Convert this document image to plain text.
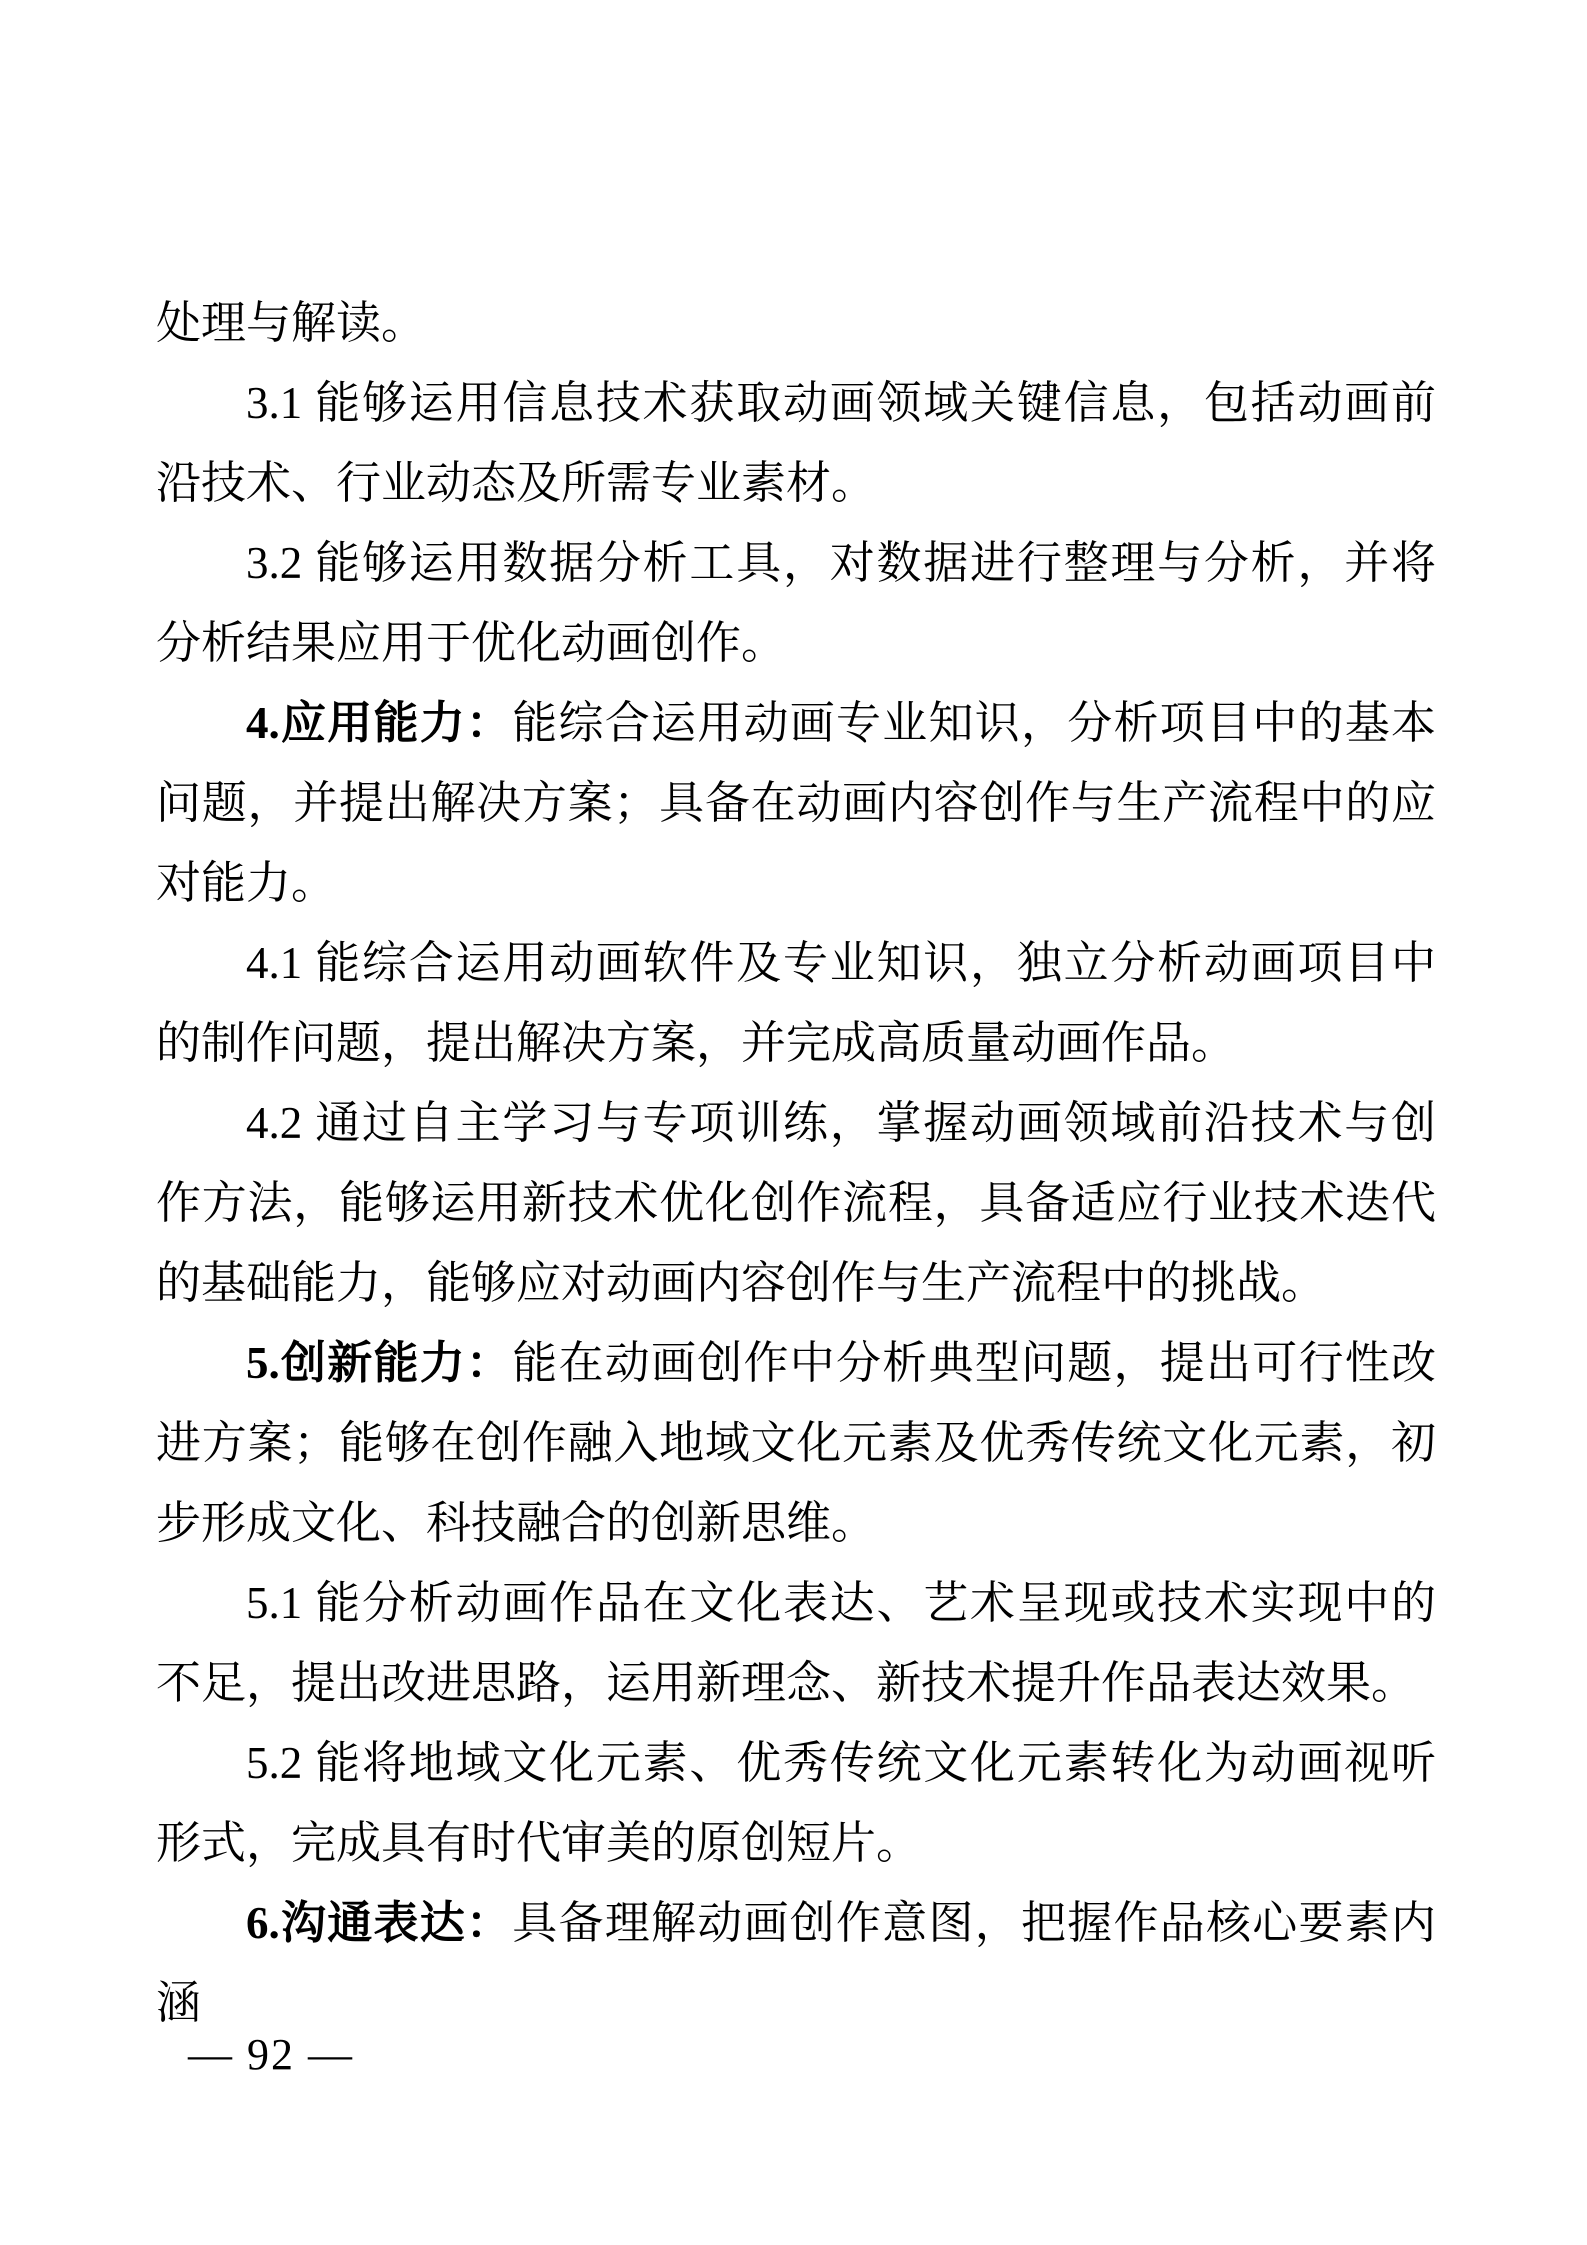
处理与解读。

3.1 能够运用信息技术获取动画领域关键信息，包括动画前沿技术、行业动态及所需专业素材。

3.2 能够运用数据分析工具，对数据进行整理与分析，并将分析结果应用于优化动画创作。

4.应用能力：能综合运用动画专业知识，分析项目中的基本问题，并提出解决方案；具备在动画内容创作与生产流程中的应对能力。

4.1 能综合运用动画软件及专业知识，独立分析动画项目中的制作问题，提出解决方案，并完成高质量动画作品。

4.2 通过自主学习与专项训练，掌握动画领域前沿技术与创作方法，能够运用新技术优化创作流程，具备适应行业技术迭代的基础能力，能够应对动画内容创作与生产流程中的挑战。

5.创新能力：能在动画创作中分析典型问题，提出可行性改进方案；能够在创作融入地域文化元素及优秀传统文化元素，初步形成文化、科技融合的创新思维。

5.1 能分析动画作品在文化表达、艺术呈现或技术实现中的不足，提出改进思路，运用新理念、新技术提升作品表达效果。

5.2 能将地域文化元素、优秀传统文化元素转化为动画视听形式，完成具有时代审美的原创短片。

6.沟通表达：具备理解动画创作意图，把握作品核心要素内涵

— 92 —
